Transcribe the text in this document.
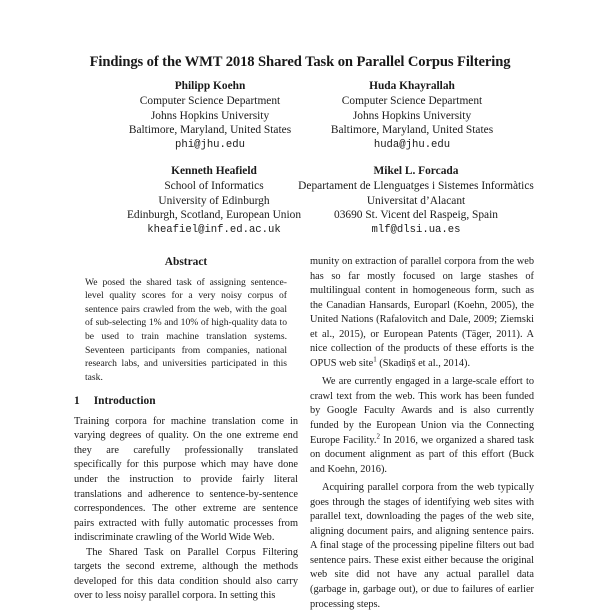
Findings of the WMT 2018 Shared Task on Parallel Corpus Filtering
Philipp Koehn
Computer Science Department
Johns Hopkins University
Baltimore, Maryland, United States
phi@jhu.edu
Huda Khayrallah
Computer Science Department
Johns Hopkins University
Baltimore, Maryland, United States
huda@jhu.edu
Kenneth Heafield
School of Informatics
University of Edinburgh
Edinburgh, Scotland, European Union
kheafiel@inf.ed.ac.uk
Mikel L. Forcada
Departament de Llenguatges i Sistemes Informàtics
Universitat d’Alacant
03690 St. Vicent del Raspeig, Spain
mlf@dlsi.ua.es

Abstract

We posed the shared task of assigning sentence-level quality scores for a very noisy corpus of sentence pairs crawled from the web, with the goal of sub-selecting 1% and 10% of high-quality data to be used to train machine translation systems. Seventeen participants from companies, national research labs, and universities participated in this task.

1 Introduction

Training corpora for machine translation come in varying degrees of quality. On the one extreme end they are carefully professionally translated specifically for this purpose which may have done under the instruction to provide fairly literal translations and adherence to sentence-by-sentence correspondences. The other extreme are sentence pairs extracted with fully automatic processes from indiscriminate crawling of the World Wide Web.

The Shared Task on Parallel Corpus Filtering targets the second extreme, although the methods developed for this data condition should also carry over to less noisy parallel corpora. In setting this

munity on extraction of parallel corpora from the web has so far mostly focused on large stashes of multilingual content in homogeneous form, such as the Canadian Hansards, Europarl (Koehn, 2005), the United Nations (Rafalovitch and Dale, 2009; Ziemski et al., 2015), or European Patents (Täger, 2011). A nice collection of the products of these efforts is the OPUS web site$^1$ (Skadiņš et al., 2014).

We are currently engaged in a large-scale effort to crawl text from the web. This work has been funded by Google Faculty Awards and is also currently funded by the European Union via the Connecting Europe Facility.$^2$ In 2016, we organized a shared task on document alignment as part of this effort (Buck and Koehn, 2016).

Acquiring parallel corpora from the web typically goes through the stages of identifying web sites with parallel text, downloading the pages of the web site, aligning document pairs, and aligning sentence pairs. A final stage of the processing pipeline filters out bad sentence pairs. These exist either because the original web site did not have any actual parallel data (garbage in, garbage out), or due to failures of earlier processing steps.
